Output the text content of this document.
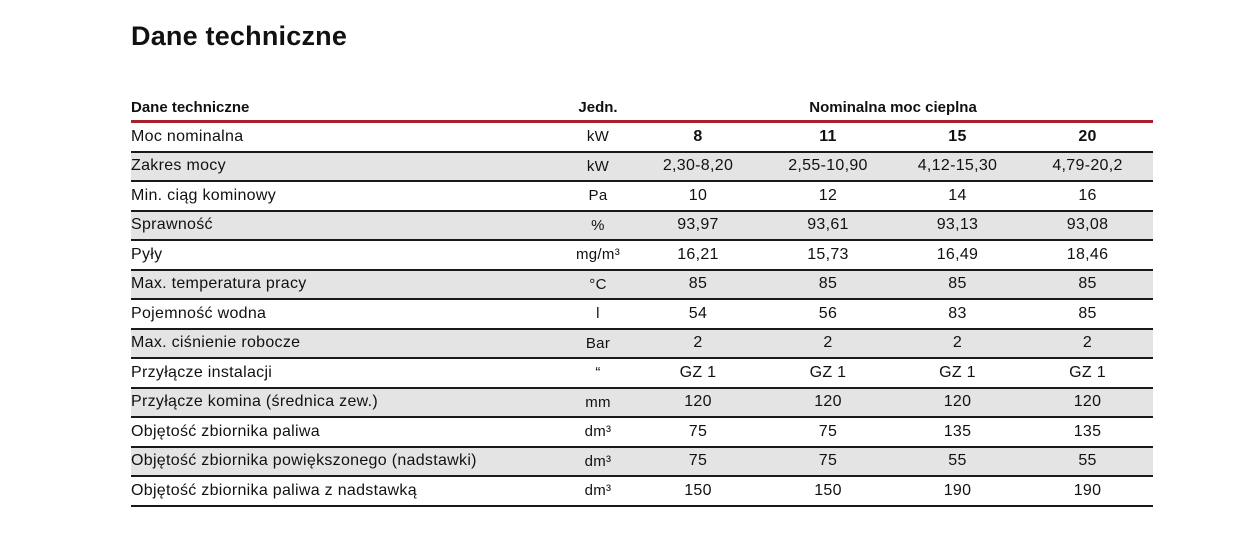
Dane techniczne
Dane techniczne	Jedn.	Nominalna moc cieplna			
Moc nominalna	kW	8	11	15	20
Zakres mocy	kW	2,30-8,20	2,55-10,90	4,12-15,30	4,79-20,2
Min. ciąg kominowy	Pa	10	12	14	16
Sprawność	%	93,97	93,61	93,13	93,08
Pyły	mg/m³	16,21	15,73	16,49	18,46
Max. temperatura pracy	°C	85	85	85	85
Pojemność wodna	l	54	56	83	85
Max. ciśnienie robocze	Bar	2	2	2	2
Przyłącze instalacji	“	GZ 1	GZ 1	GZ 1	GZ 1
Przyłącze komina (średnica zew.)	mm	120	120	120	120
Objętość zbiornika paliwa	dm³	75	75	135	135
Objętość zbiornika powiększonego (nadstawki)	dm³	75	75	55	55
Objętość zbiornika paliwa z nadstawką	dm³	150	150	190	190
